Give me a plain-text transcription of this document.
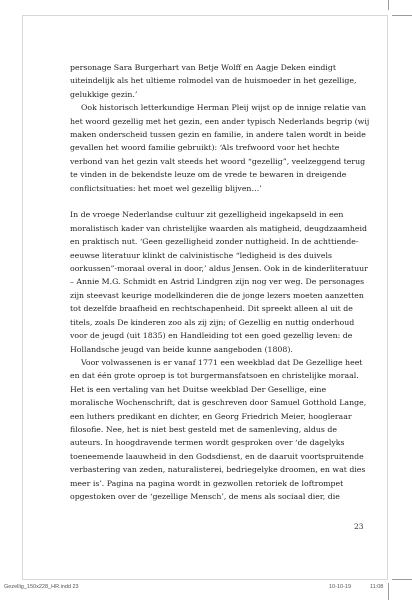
personage Sara Burgerhart van Betje Wolff en Aagje Deken eindigt uiteindelijk als het ultieme rolmodel van de huismoeder in het gezellige, gelukkige gezin.’

Ook historisch letterkundige Herman Pleij wijst op de innige relatie van het woord gezellig met het gezin, een ander typisch Nederlands begrip (wij maken onderscheid tussen gezin en familie, in andere talen wordt in beide gevallen het woord familie gebruikt): ‘Als trefwoord voor het hechte verbond van het gezin valt steeds het woord “gezellig”, veelzeggend terug te vinden in de bekendste leuze om de vrede te bewaren in dreigende conflictsituaties: het moet wel gezellig blijven…’

In de vroege Nederlandse cultuur zit gezelligheid ingekapseld in een moralistisch kader van christelijke waarden als matigheid, deugdzaamheid en praktisch nut. ‘Geen gezelligheid zonder nuttigheid. In de achttiende-eeuwse literatuur klinkt de calvinistische “ledigheid is des duivels oorkussen”-moraal overal in door,’ aldus Jensen. Ook in de kinderliteratuur – Annie M.G. Schmidt en Astrid Lindgren zijn nog ver weg. De personages zijn steevast keurige modelkinderen die de jonge lezers moeten aanzetten tot dezelfde braafheid en rechtschapenheid. Dit spreekt alleen al uit de titels, zoals De kinderen zoo als zij zijn; of Gezellig en nuttig onderhoud voor de jeugd (uit 1835) en Handleiding tot een goed gezellig leven: de Hollandsche jeugd van beide kunne aangeboden (1808).

Voor volwassenen is er vanaf 1771 een weekblad dat De Gezellige heet en dat één grote oproep is tot burgermansfatsoen en christelijke moraal. Het is een vertaling van het Duitse weekblad Der Gesellige, eine moralische Wochenschrift, dat is geschreven door Samuel Gotthold Lange, een luthers predikant en dichter, en Georg Friedrich Meier, hoogleraar filosofie. Nee, het is niet best gesteld met de samenleving, aldus de auteurs. In hoogdravende termen wordt gesproken over ‘de dagelyks toeneemende laauwheid in den Godsdienst, en de daaruit voortspruitende verbastering van zeden, naturalisterei, bedriegelyke droomen, en wat dies meer is’. Pagina na pagina wordt in gezwollen retoriek de loftrompet opgestoken over de ‘gezellige Mensch’, de mens als sociaal dier, die

23
Gezellig_150x228_HR.indd 23	10-10-19	11:08
